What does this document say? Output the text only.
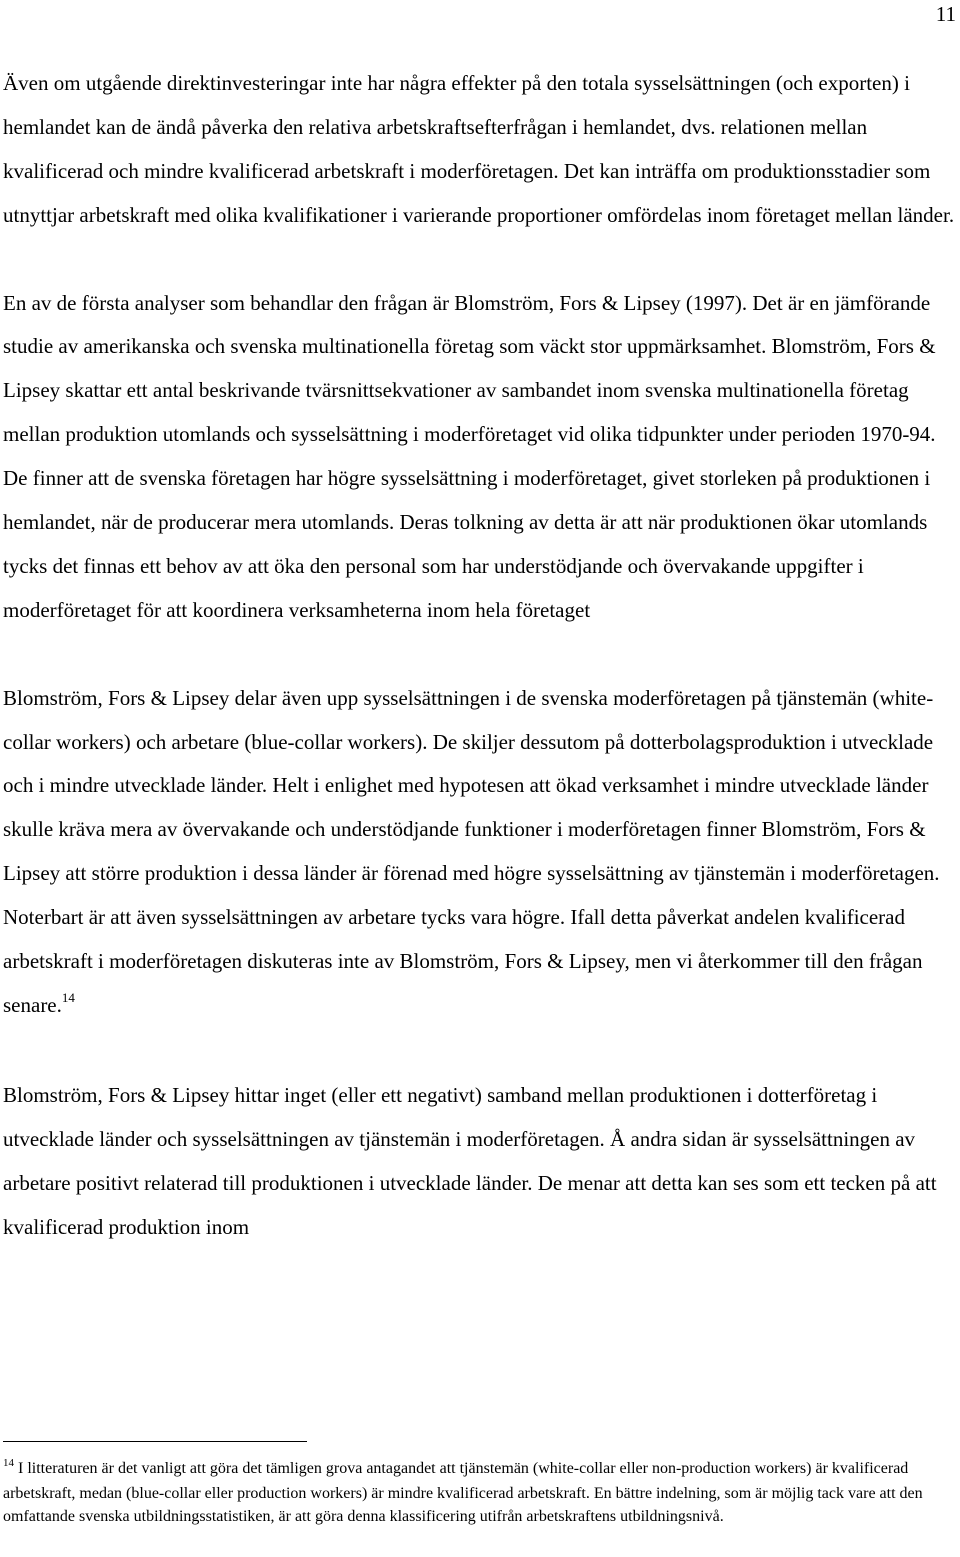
11

Även om utgående direktinvesteringar inte har några effekter på den totala sysselsättningen (och exporten) i hemlandet kan de ändå påverka den relativa arbetskraftsefterfrågan i hemlandet, dvs. relationen mellan kvalificerad och mindre kvalificerad arbetskraft i moderföretagen. Det kan inträffa om produktionsstadier som utnyttjar arbetskraft med olika kvalifikationer i varierande proportioner omfördelas inom företaget mellan länder.

En av de första analyser som behandlar den frågan är Blomström, Fors & Lipsey (1997). Det är en jämförande studie av amerikanska och svenska multinationella företag som väckt stor uppmärksamhet. Blomström, Fors & Lipsey skattar ett antal beskrivande tvärsnittsekvationer av sambandet inom svenska multinationella företag mellan produktion utomlands och sysselsättning i moderföretaget vid olika tidpunkter under perioden 1970-94. De finner att de svenska företagen har högre sysselsättning i moderföretaget, givet storleken på produktionen i hemlandet, när de producerar mera utomlands. Deras tolkning av detta är att när produktionen ökar utomlands tycks det finnas ett behov av att öka den personal som har understödjande och övervakande uppgifter i moderföretaget för att koordinera verksamheterna inom hela företaget

Blomström, Fors & Lipsey delar även upp sysselsättningen i de svenska moderföretagen på tjänstemän (white-collar workers) och arbetare (blue-collar workers). De skiljer dessutom på dotterbolagsproduktion i utvecklade och i mindre utvecklade länder. Helt i enlighet med hypotesen att ökad verksamhet i mindre utvecklade länder skulle kräva mera av övervakande och understödjande funktioner i moderföretagen finner Blomström, Fors & Lipsey att större produktion i dessa länder är förenad med högre sysselsättning av tjänstemän i moderföretagen. Noterbart är att även sysselsättningen av arbetare tycks vara högre. Ifall detta påverkat andelen kvalificerad arbetskraft i moderföretagen diskuteras inte av Blomström, Fors & Lipsey, men vi återkommer till den frågan senare.$^{14}$

Blomström, Fors & Lipsey hittar inget (eller ett negativt) samband mellan produktionen i dotterföretag i utvecklade länder och sysselsättningen av tjänstemän i moderföretagen. Å andra sidan är sysselsättningen av arbetare positivt relaterad till produktionen i utvecklade länder. De menar att detta kan ses som ett tecken på att kvalificerad produktion inom

$^{14}$ I litteraturen är det vanligt att göra det tämligen grova antagandet att tjänstemän (white-collar eller non-production workers) är kvalificerad arbetskraft, medan (blue-collar eller production workers) är mindre kvalificerad arbetskraft. En bättre indelning, som är möjlig tack vare att den omfattande svenska utbildningsstatistiken, är att göra denna klassificering utifrån arbetskraftens utbildningsnivå.
